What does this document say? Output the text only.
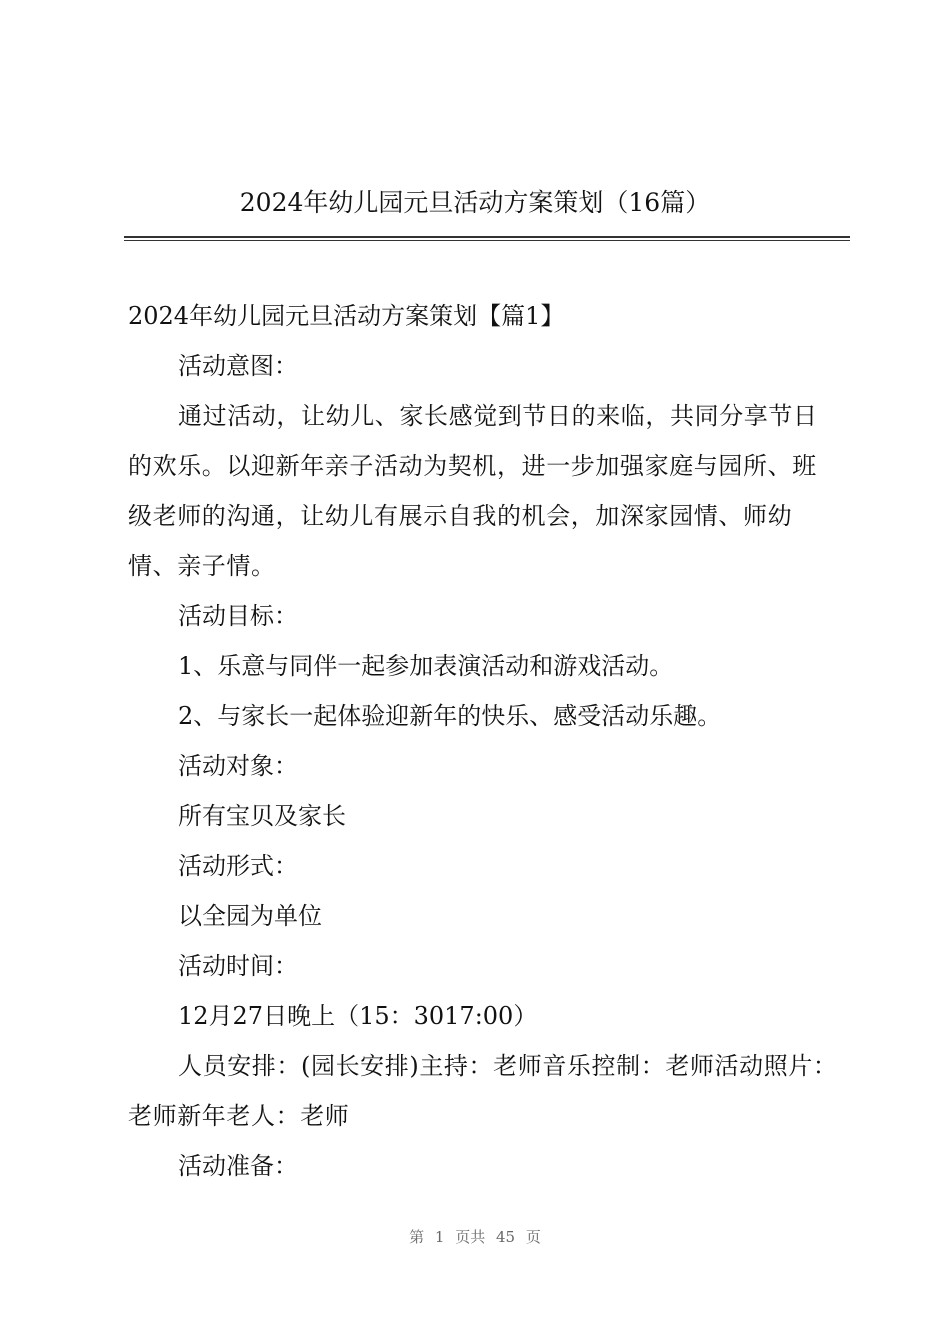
2024年幼儿园元旦活动方案策划（16篇）

2024年幼儿园元旦活动方案策划【篇1】

活动意图：

通过活动，让幼儿、家长感觉到节日的来临，共同分享节日的欢乐。以迎新年亲子活动为契机，进一步加强家庭与园所、班级老师的沟通，让幼儿有展示自我的机会，加深家园情、师幼情、亲子情。

活动目标：

1、乐意与同伴一起参加表演活动和游戏活动。

2、与家长一起体验迎新年的快乐、感受活动乐趣。

活动对象：

所有宝贝及家长

活动形式：

以全园为单位

活动时间：

12月27日晚上（15：3017:00）

人员安排：(园长安排)主持：老师音乐控制：老师活动照片：老师新年老人：老师

活动准备：

第 1 页共 45 页
